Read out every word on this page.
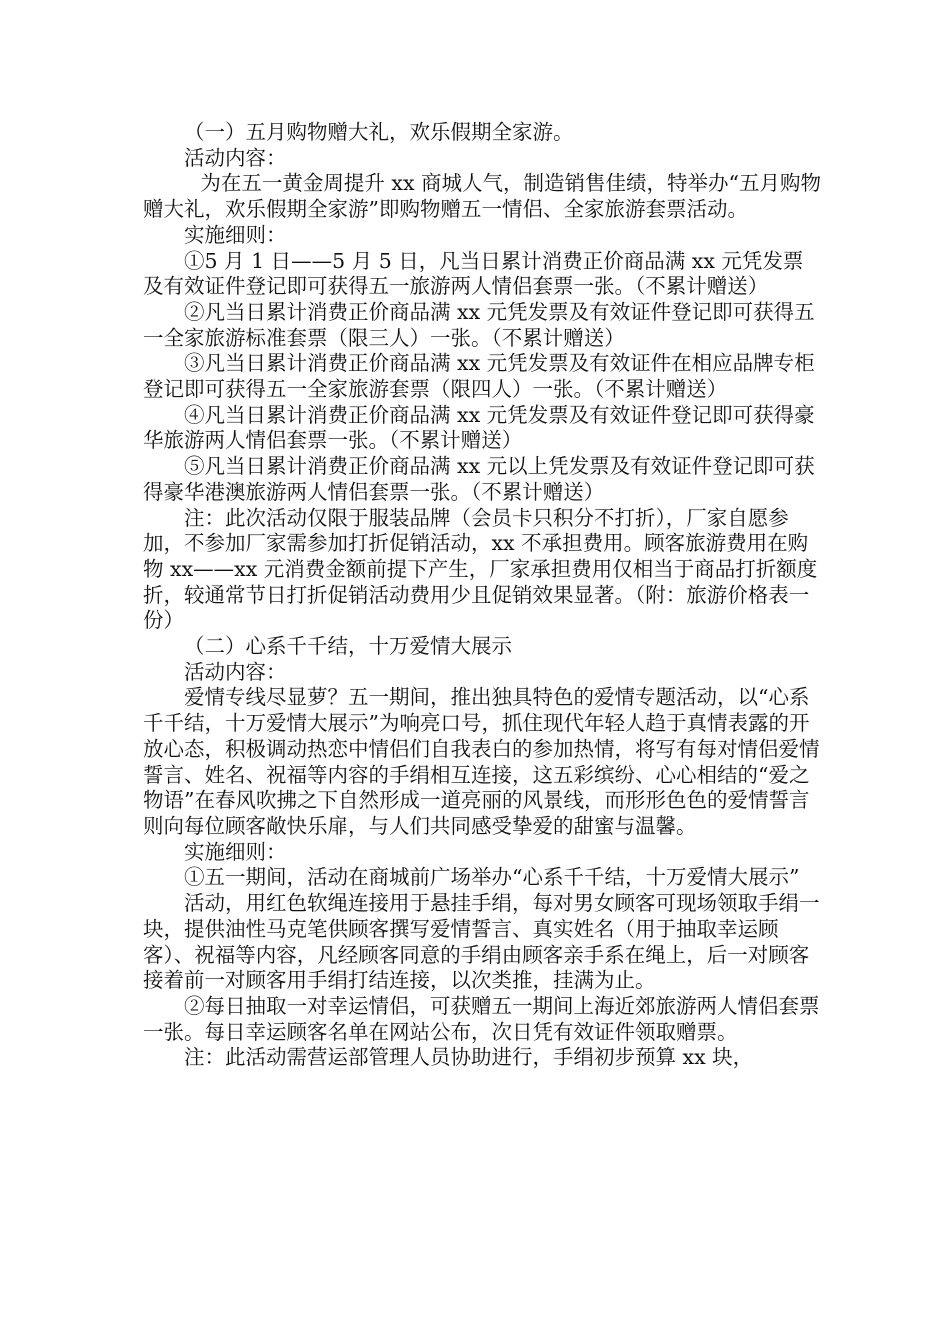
（一）五月购物赠大礼，欢乐假期全家游。

活动内容：

为在五一黄金周提升 xx 商城人气，制造销售佳绩，特举办“五月购物赠大礼，欢乐假期全家游”即购物赠五一情侣、全家旅游套票活动。

实施细则：

①5 月 1 日——5 月 5 日，凡当日累计消费正价商品满 xx 元凭发票及有效证件登记即可获得五一旅游两人情侣套票一张。（不累计赠送）

②凡当日累计消费正价商品满 xx 元凭发票及有效证件登记即可获得五一全家旅游标准套票（限三人）一张。（不累计赠送）

③凡当日累计消费正价商品满 xx 元凭发票及有效证件在相应品牌专柜登记即可获得五一全家旅游套票（限四人）一张。（不累计赠送）

④凡当日累计消费正价商品满 xx 元凭发票及有效证件登记即可获得豪华旅游两人情侣套票一张。（不累计赠送）

⑤凡当日累计消费正价商品满 xx 元以上凭发票及有效证件登记即可获得豪华港澳旅游两人情侣套票一张。（不累计赠送）

注：此次活动仅限于服装品牌（会员卡只积分不打折），厂家自愿参加，不参加厂家需参加打折促销活动，xx 不承担费用。顾客旅游费用在购物 xx——xx 元消费金额前提下产生，厂家承担费用仅相当于商品打折额度折，较通常节日打折促销活动费用少且促销效果显著。（附：旅游价格表一份）

（二）心系千千结，十万爱情大展示

活动内容：

爱情专线尽显萝？五一期间，推出独具特色的爱情专题活动，以“心系千千结，十万爱情大展示”为响亮口号，抓住现代年轻人趋于真情表露的开放心态，积极调动热恋中情侣们自我表白的参加热情，将写有每对情侣爱情誓言、姓名、祝福等内容的手绢相互连接，这五彩缤纷、心心相结的“爱之物语”在春风吹拂之下自然形成一道亮丽的风景线，而形形色色的爱情誓言则向每位顾客敞快乐扉，与人们共同感受挚爱的甜蜜与温馨。

实施细则：

①五一期间，活动在商城前广场举办“心系千千结，十万爱情大展示”

活动，用红色软绳连接用于悬挂手绢，每对男女顾客可现场领取手绢一块，提供油性马克笔供顾客撰写爱情誓言、真实姓名（用于抽取幸运顾客）、祝福等内容，凡经顾客同意的手绢由顾客亲手系在绳上，后一对顾客接着前一对顾客用手绢打结连接，以次类推，挂满为止。

②每日抽取一对幸运情侣，可获赠五一期间上海近郊旅游两人情侣套票一张。每日幸运顾客名单在网站公布，次日凭有效证件领取赠票。

注：此活动需营运部管理人员协助进行，手绢初步预算 xx 块，
